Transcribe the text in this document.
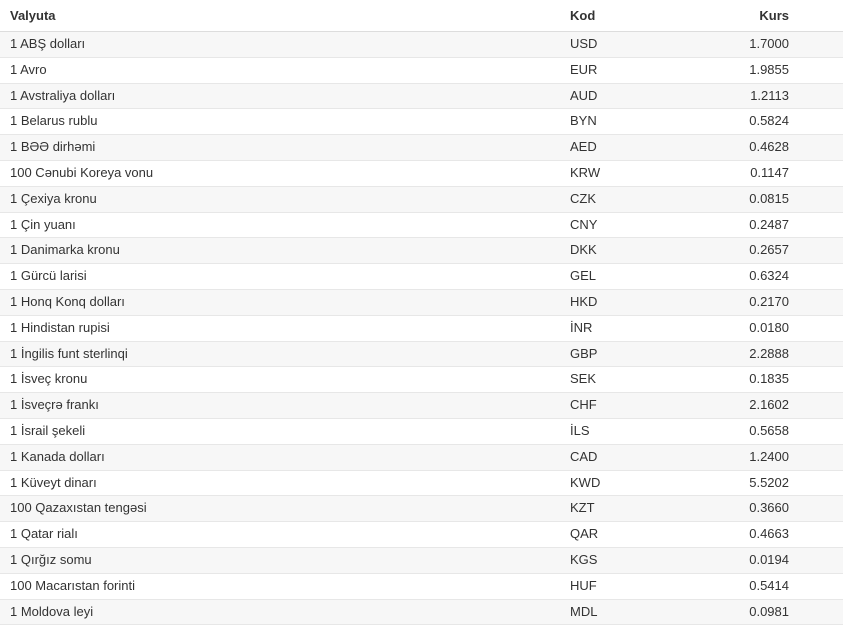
Valyuta	Kod	Kurs
1 ABŞ dolları	USD	1.7000
1 Avro	EUR	1.9855
1 Avstraliya dolları	AUD	1.2113
1 Belarus rublu	BYN	0.5824
1 BƏƏ dirhəmi	AED	0.4628
100 Cənubi Koreya vonu	KRW	0.1147
1 Çexiya kronu	CZK	0.0815
1 Çin yuanı	CNY	0.2487
1 Danimarka kronu	DKK	0.2657
1 Gürcü larisi	GEL	0.6324
1 Honq Konq dolları	HKD	0.2170
1 Hindistan rupisi	İNR	0.0180
1 İngilis funt sterlinqi	GBP	2.2888
1 İsveç kronu	SEK	0.1835
1 İsveçrə frankı	CHF	2.1602
1 İsrail şekeli	İLS	0.5658
1 Kanada dolları	CAD	1.2400
1 Küveyt dinarı	KWD	5.5202
100 Qazaxıstan tengəsi	KZT	0.3660
1 Qatar rialı	QAR	0.4663
1 Qırğız somu	KGS	0.0194
100 Macarıstan forinti	HUF	0.5414
1 Moldova leyi	MDL	0.0981
